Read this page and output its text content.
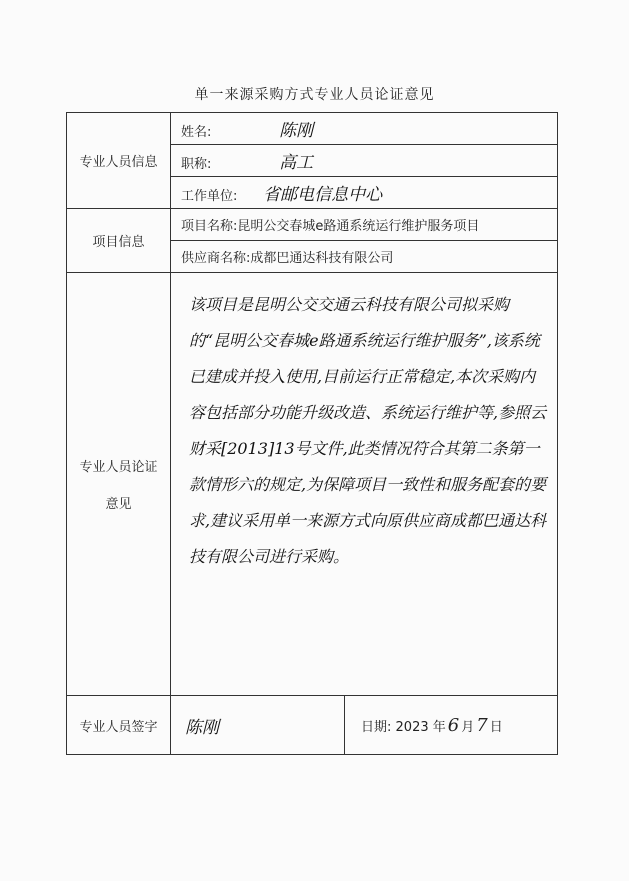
单一来源采购方式专业人员论证意见
专业人员信息	姓名: 陈刚	
	职称: 高工	
	工作单位: 省邮电信息中心	
项目信息	项目名称:昆明公交春城e路通系统运行维护服务项目	
	供应商名称:成都巴通达科技有限公司	

专业人员论证
意见	该项目是昆明公交交通云科技有限公司拟采购的“昆明公交春城e路通系统运行维护服务”,该系统已建成并投入使用,目前运行正常稳定,本次采购内容包括部分功能升级改造、系统运行维护等,参照云财采[2013]13号文件,此类情况符合其第二条第一款情形六的规定,为保障项目一致性和服务配套的要求,建议采用单一来源方式向原供应商成都巴通达科技有限公司进行采购。	

专业人员签字	陈刚	日期: 2023 年 6 月 7 日
